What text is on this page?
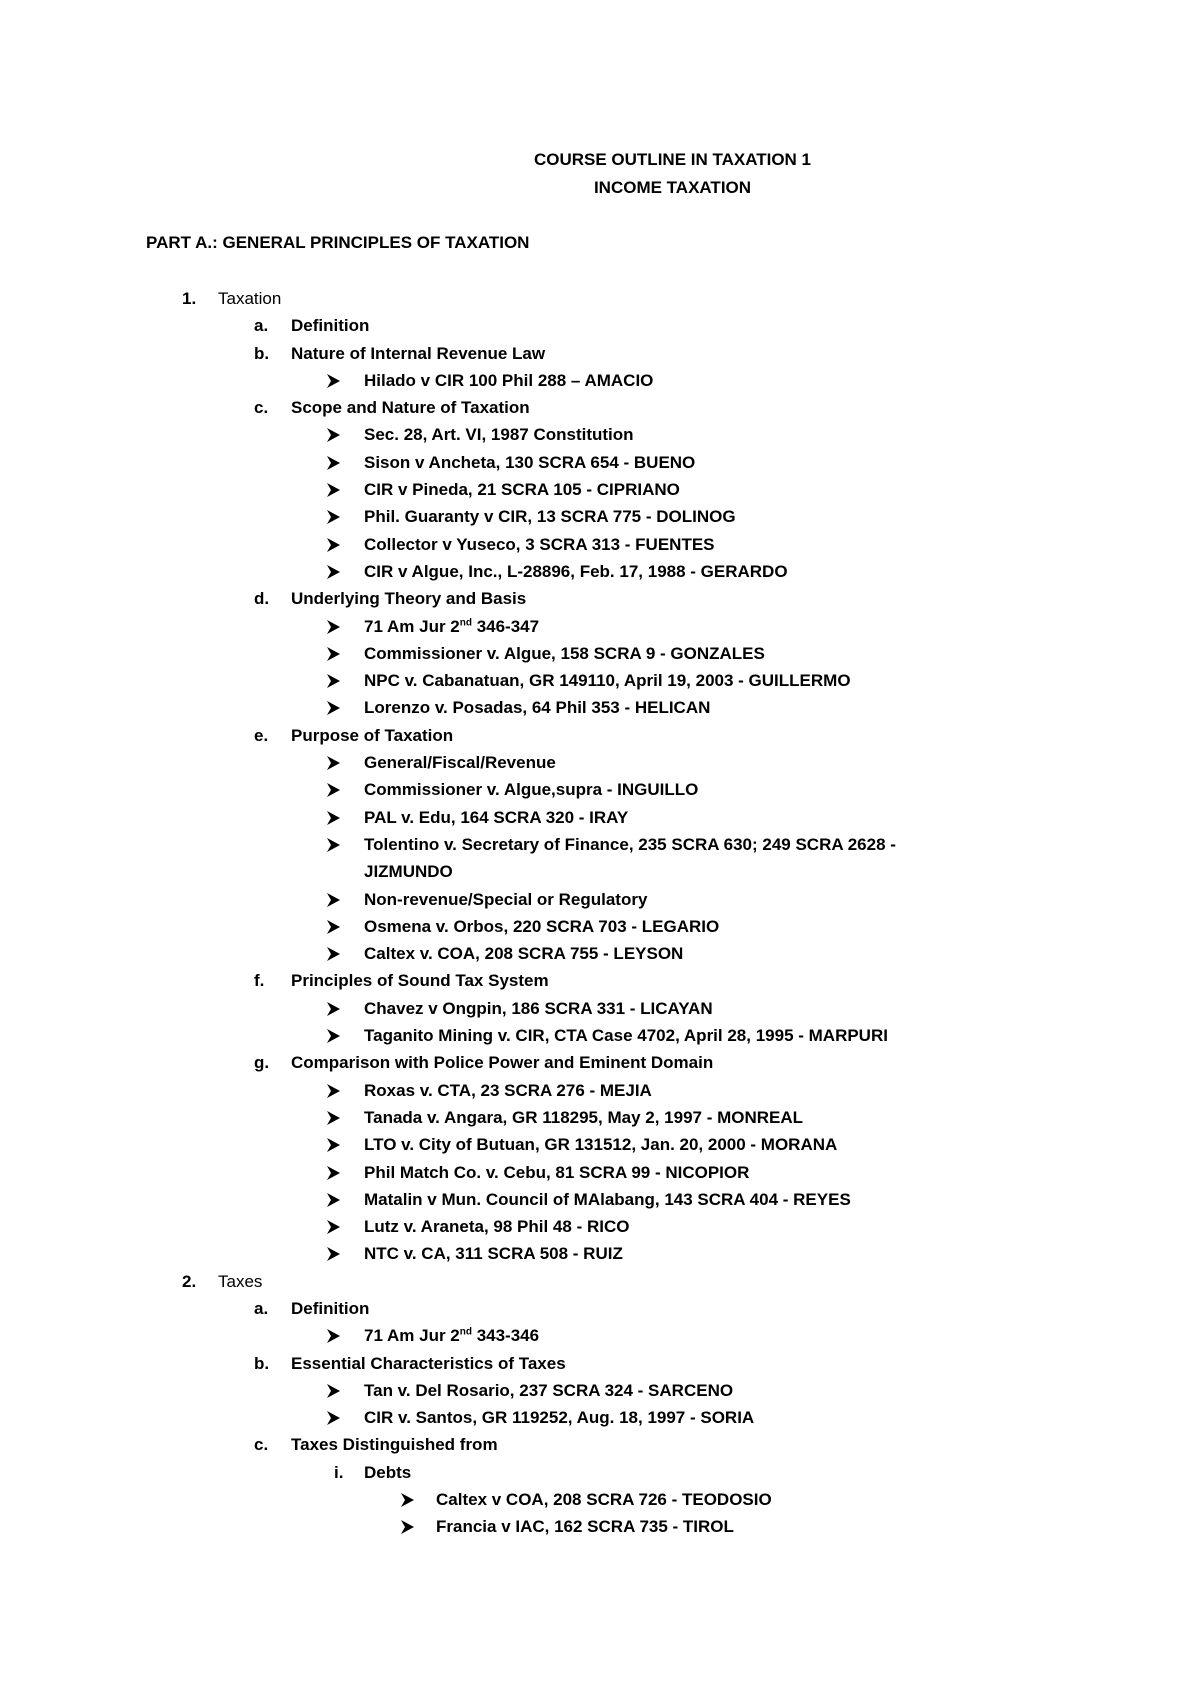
COURSE OUTLINE IN TAXATION 1
INCOME TAXATION
PART A.: GENERAL PRINCIPLES OF TAXATION
1. Taxation
a. Definition
b. Nature of Internal Revenue Law
Hilado v CIR 100 Phil 288 – AMACIO
c. Scope and Nature of Taxation
Sec. 28, Art. VI, 1987 Constitution
Sison v Ancheta, 130 SCRA 654 - BUENO
CIR v Pineda, 21 SCRA 105 - CIPRIANO
Phil. Guaranty v CIR, 13 SCRA 775 - DOLINOG
Collector v Yuseco, 3 SCRA 313 - FUENTES
CIR v Algue, Inc., L-28896, Feb. 17, 1988 - GERARDO
d. Underlying Theory and Basis
71 Am Jur 2nd 346-347
Commissioner v. Algue, 158 SCRA 9 - GONZALES
NPC v. Cabanatuan, GR 149110, April 19, 2003 - GUILLERMO
Lorenzo v. Posadas, 64 Phil 353 - HELICAN
e. Purpose of Taxation
General/Fiscal/Revenue
Commissioner v. Algue,supra - INGUILLO
PAL v. Edu, 164 SCRA 320 - IRAY
Tolentino v. Secretary of Finance, 235 SCRA 630; 249 SCRA 2628 -
JIZMUNDO
Non-revenue/Special or Regulatory
Osmena v. Orbos, 220 SCRA 703 - LEGARIO
Caltex v. COA, 208 SCRA 755 - LEYSON
f. Principles of Sound Tax System
Chavez v Ongpin, 186 SCRA 331 - LICAYAN
Taganito Mining v. CIR, CTA Case 4702, April 28, 1995 - MARPURI
g. Comparison with Police Power and Eminent Domain
Roxas v. CTA, 23 SCRA 276 - MEJIA
Tanada v. Angara, GR 118295, May 2, 1997 - MONREAL
LTO v. City of Butuan, GR 131512, Jan. 20, 2000 - MORANA
Phil Match Co. v. Cebu, 81 SCRA 99 - NICOPIOR
Matalin v Mun. Council of MAlabang, 143 SCRA 404 - REYES
Lutz v. Araneta, 98 Phil 48 - RICO
NTC v. CA, 311 SCRA 508 - RUIZ
2. Taxes
a. Definition
71 Am Jur 2nd 343-346
b. Essential Characteristics of Taxes
Tan v. Del Rosario, 237 SCRA 324 - SARCENO
CIR v. Santos, GR 119252, Aug. 18, 1997 - SORIA
c. Taxes Distinguished from
i. Debts
Caltex v COA, 208 SCRA 726 - TEODOSIO
Francia v IAC, 162 SCRA 735 - TIROL
